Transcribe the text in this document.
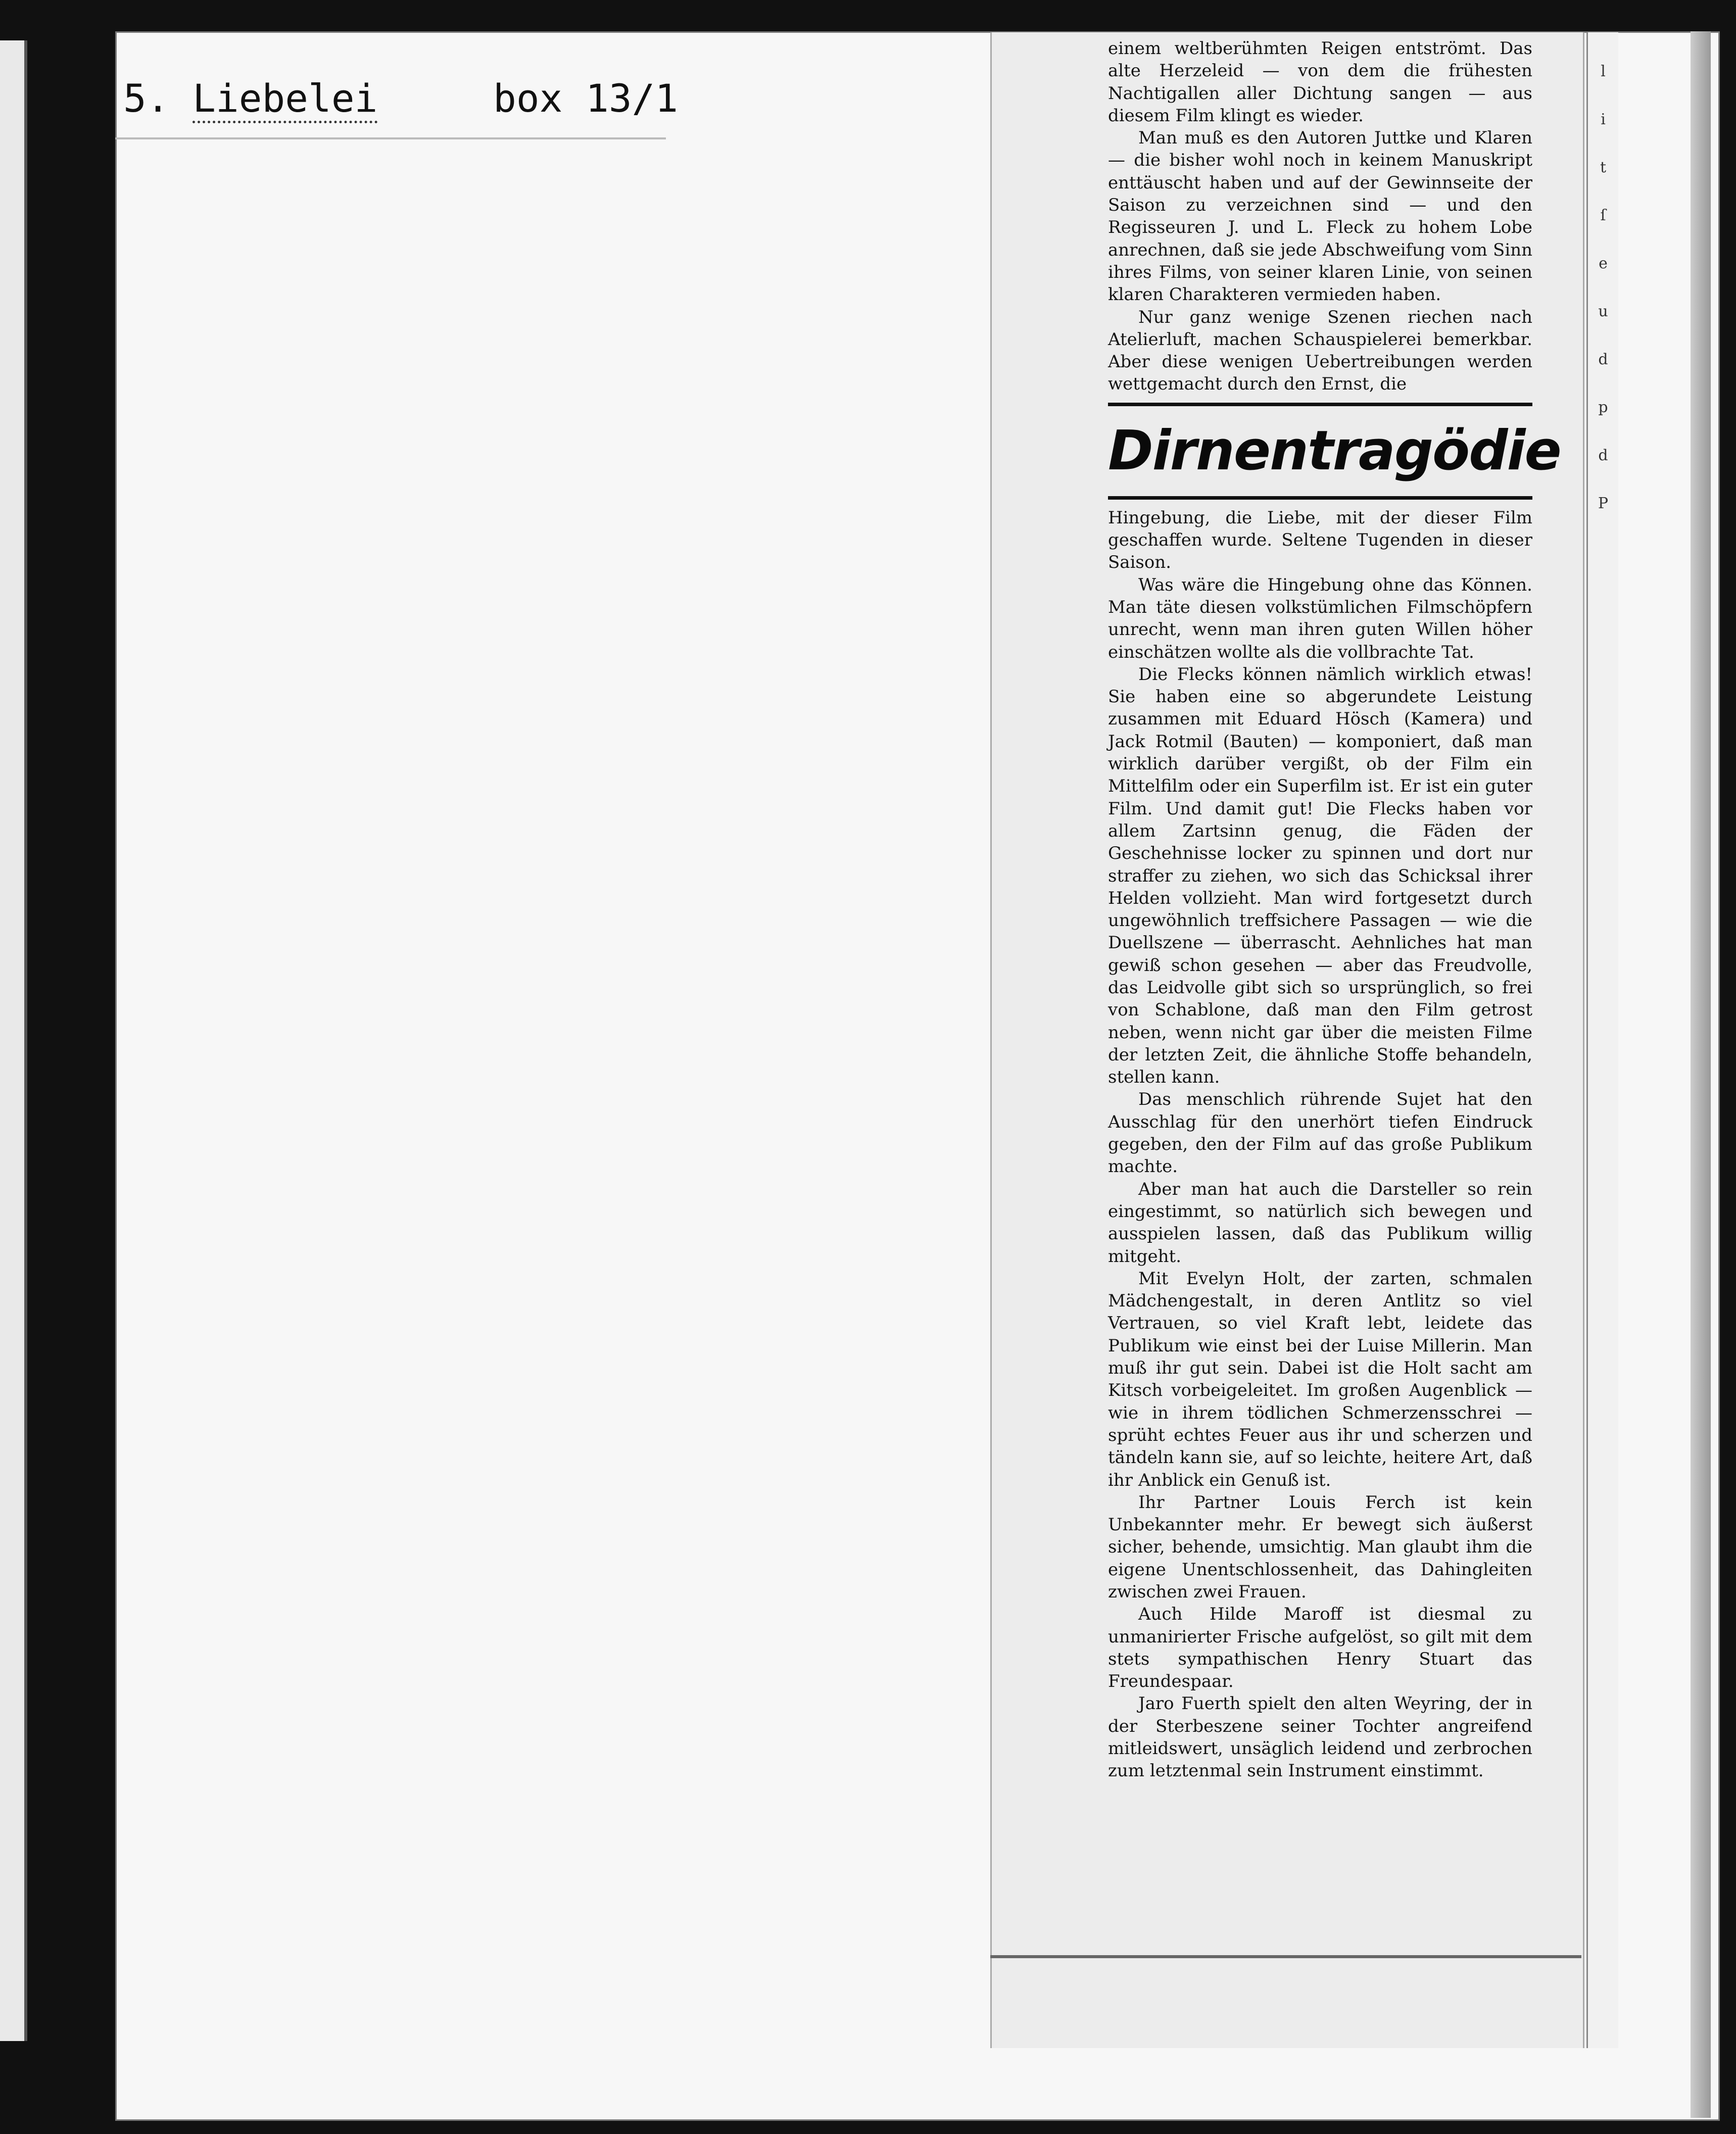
5. Liebelei	box 13/1

einem weltberühmten Reigen entströmt. Das alte Herzeleid — von dem die frühesten Nachtigallen aller Dichtung sangen — aus diesem Film klingt es wieder.

Man muß es den Autoren Juttke und Klaren — die bisher wohl noch in keinem Manuskript enttäuscht haben und auf der Gewinnseite der Saison zu verzeichnen sind — und den Regisseuren J. und L. Fleck zu hohem Lobe anrechnen, daß sie jede Abschweifung vom Sinn ihres Films, von seiner klaren Linie, von seinen klaren Charakteren vermieden haben.

Nur ganz wenige Szenen riechen nach Atelierluft, machen Schauspielerei bemerkbar. Aber diese wenigen Uebertreibungen werden wettgemacht durch den Ernst, die

Dirnentragödie

Hingebung, die Liebe, mit der dieser Film geschaffen wurde. Seltene Tugenden in dieser Saison.

Was wäre die Hingebung ohne das Können. Man täte diesen volkstümlichen Filmschöpfern unrecht, wenn man ihren guten Willen höher einschätzen wollte als die vollbrachte Tat.

Die Flecks können nämlich wirklich etwas! Sie haben eine so abgerundete Leistung zusammen mit Eduard Hösch (Kamera) und Jack Rotmil (Bauten) — komponiert, daß man wirklich darüber vergißt, ob der Film ein Mittelfilm oder ein Superfilm ist. Er ist ein guter Film. Und damit gut! Die Flecks haben vor allem Zartsinn genug, die Fäden der Geschehnisse locker zu spinnen und dort nur straffer zu ziehen, wo sich das Schicksal ihrer Helden vollzieht. Man wird fortgesetzt durch ungewöhnlich treffsichere Passagen — wie die Duellszene — überrascht. Aehnliches hat man gewiß schon gesehen — aber das Freudvolle, das Leidvolle gibt sich so ursprünglich, so frei von Schablone, daß man den Film getrost neben, wenn nicht gar über die meisten Filme der letzten Zeit, die ähnliche Stoffe behandeln, stellen kann.

Das menschlich rührende Sujet hat den Ausschlag für den unerhört tiefen Eindruck gegeben, den der Film auf das große Publikum machte.

Aber man hat auch die Darsteller so rein eingestimmt, so natürlich sich bewegen und ausspielen lassen, daß das Publikum willig mitgeht.

Mit Evelyn Holt, der zarten, schmalen Mädchengestalt, in deren Antlitz so viel Vertrauen, so viel Kraft lebt, leidete das Publikum wie einst bei der Luise Millerin. Man muß ihr gut sein. Dabei ist die Holt sacht am Kitsch vorbeigeleitet. Im großen Augenblick — wie in ihrem tödlichen Schmerzensschrei — sprüht echtes Feuer aus ihr und scherzen und tändeln kann sie, auf so leichte, heitere Art, daß ihr Anblick ein Genuß ist.

Ihr Partner Louis Ferch ist kein Unbekannter mehr. Er bewegt sich äußerst sicher, behende, umsichtig. Man glaubt ihm die eigene Unentschlossenheit, das Dahingleiten zwischen zwei Frauen.

Auch Hilde Maroff ist diesmal zu unmanirierter Frische aufgelöst, so gilt mit dem stets sympathischen Henry Stuart das Freundespaar.

Jaro Fuerth spielt den alten Weyring, der in der Sterbeszene seiner Tochter angreifend mitleidswert, unsäglich leidend und zerbrochen zum letztenmal sein Instrument einstimmt.

l
i
t
ſ
e
u
d
p
d
P
